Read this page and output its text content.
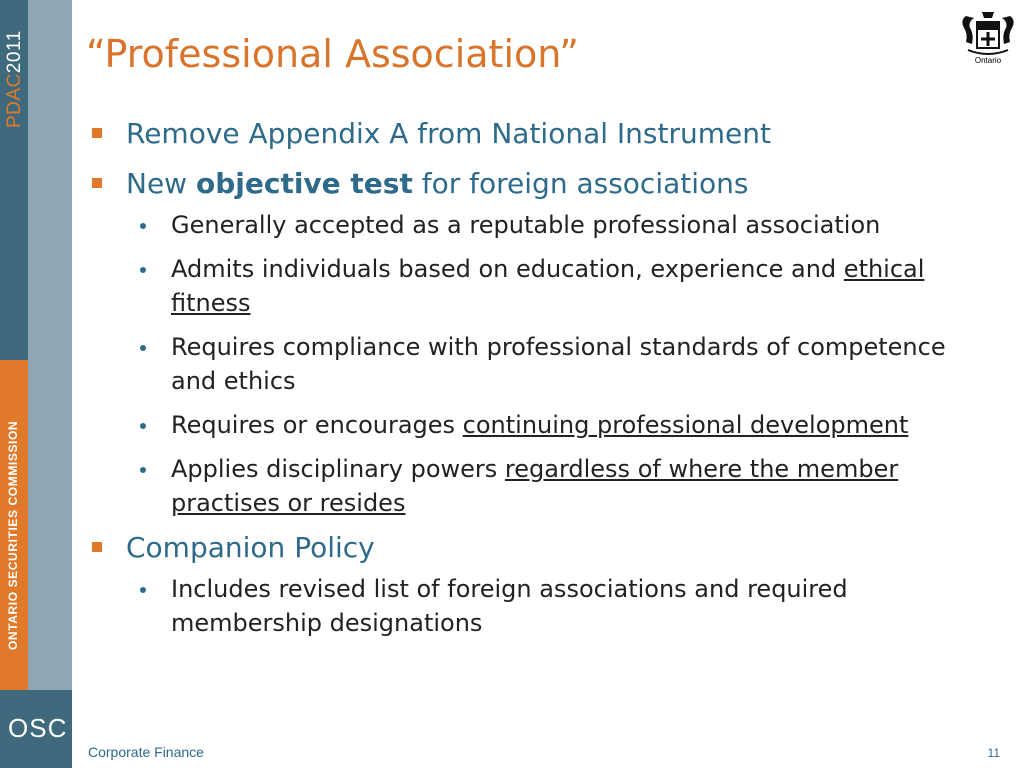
PDAC2011
ONTARIO SECURITIES COMMISSION
OSC
“Professional Association”	Ontario
Remove Appendix A from National Instrument
New objective test for foreign associations
Generally accepted as a reputable professional association
Admits individuals based on education, experience and ethical fitness
Requires compliance with professional standards of competence and ethics
Requires or encourages continuing professional development
Applies disciplinary powers regardless of where the member practises or resides
Companion Policy
Includes revised list of foreign associations and required membership designations
Corporate Finance	11
